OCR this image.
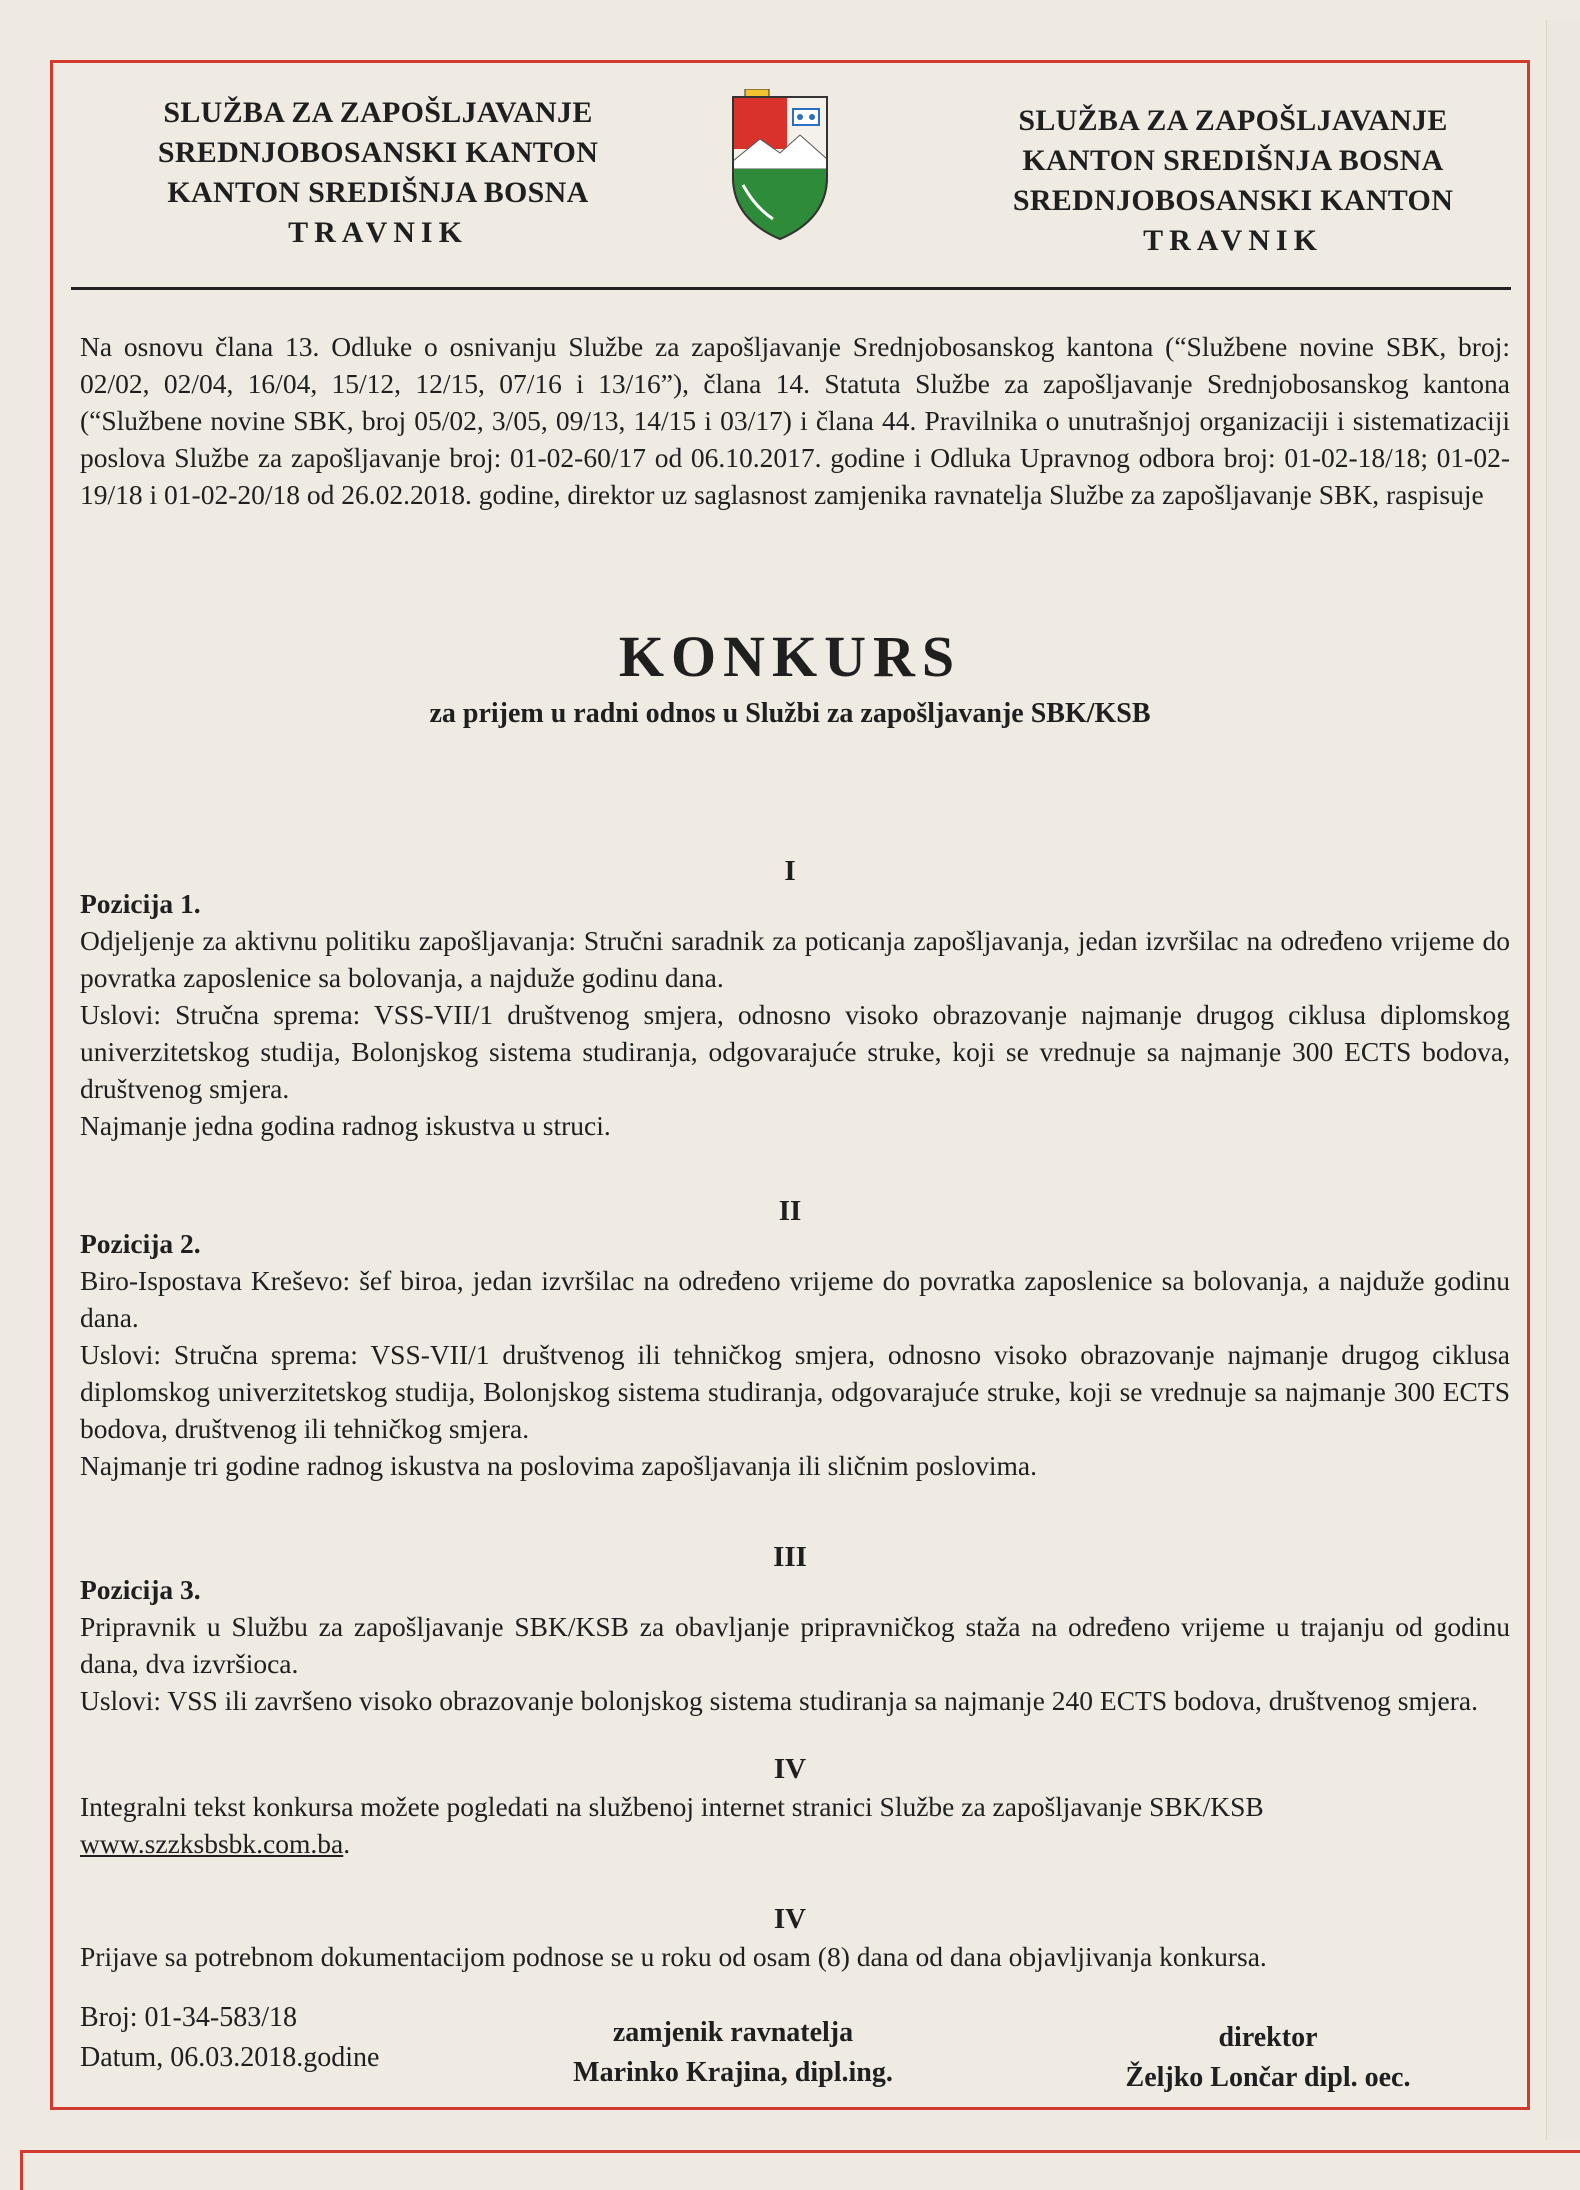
SLUŽBA ZA ZAPOŠLJAVANJE
SREDNJOBOSANSKI KANTON
KANTON SREDIŠNJA BOSNA
TRAVNIK
SLUŽBA ZA ZAPOŠLJAVANJE
KANTON SREDIŠNJA BOSNA
SREDNJOBOSANSKI KANTON
TRAVNIK
Na osnovu člana 13. Odluke o osnivanju Službe za zapošljavanje Srednjobosanskog kantona (“Službene novine SBK, broj: 02/02, 02/04, 16/04, 15/12, 12/15, 07/16 i 13/16”), člana 14. Statuta Službe za zapošljavanje Srednjobosanskog kantona (“Službene novine SBK, broj 05/02, 3/05, 09/13, 14/15 i 03/17) i člana 44. Pravilnika o unutrašnjoj organizaciji i sistematizaciji poslova Službe za zapošljavanje broj: 01-02-60/17 od 06.10.2017. godine i Odluka Upravnog odbora broj: 01-02-18/18; 01-02-19/18 i 01-02-20/18 od 26.02.2018. godine, direktor uz saglasnost zamjenika ravnatelja Službe za zapošljavanje SBK, raspisuje
KONKURS
za prijem u radni odnos u Službi za zapošljavanje SBK/KSB
I

Pozicija 1.

Odjeljenje za aktivnu politiku zapošljavanja: Stručni saradnik za poticanja zapošljavanja, jedan izvršilac na određeno vrijeme do povratka zaposlenice sa bolovanja, a najduže godinu dana.

Uslovi: Stručna sprema: VSS-VII/1 društvenog smjera, odnosno visoko obrazovanje najmanje drugog ciklusa diplomskog univerzitetskog studija, Bolonjskog sistema studiranja, odgovarajuće struke, koji se vrednuje sa najmanje 300 ECTS bodova, društvenog smjera.

Najmanje jedna godina radnog iskustva u struci.

II

Pozicija 2.

Biro-Ispostava Kreševo: šef biroa, jedan izvršilac na određeno vrijeme do povratka zaposlenice sa bolovanja, a najduže godinu dana.

Uslovi: Stručna sprema: VSS-VII/1 društvenog ili tehničkog smjera, odnosno visoko obrazovanje najmanje drugog ciklusa diplomskog univerzitetskog studija, Bolonjskog sistema studiranja, odgovarajuće struke, koji se vrednuje sa najmanje 300 ECTS bodova, društvenog ili tehničkog smjera.

Najmanje tri godine radnog iskustva na poslovima zapošljavanja ili sličnim poslovima.

III

Pozicija 3.

Pripravnik u Službu za zapošljavanje SBK/KSB za obavljanje pripravničkog staža na određeno vrijeme u trajanju od godinu dana, dva izvršioca.

Uslovi: VSS ili završeno visoko obrazovanje bolonjskog sistema studiranja sa najmanje 240 ECTS bodova, društvenog smjera.

IV
Integralni tekst konkursa možete pogledati na službenoj internet stranici Službe za zapošljavanje SBK/KSB
www.szzksbsbk.com.ba.
IV
Prijave sa potrebnom dokumentacijom podnose se u roku od osam (8) dana od dana objavljivanja konkursa.
Broj: 01-34-583/18
Datum, 06.03.2018.godine
zamjenik ravnatelja
Marinko Krajina, dipl.ing.
direktor
Željko Lončar dipl. oec.
